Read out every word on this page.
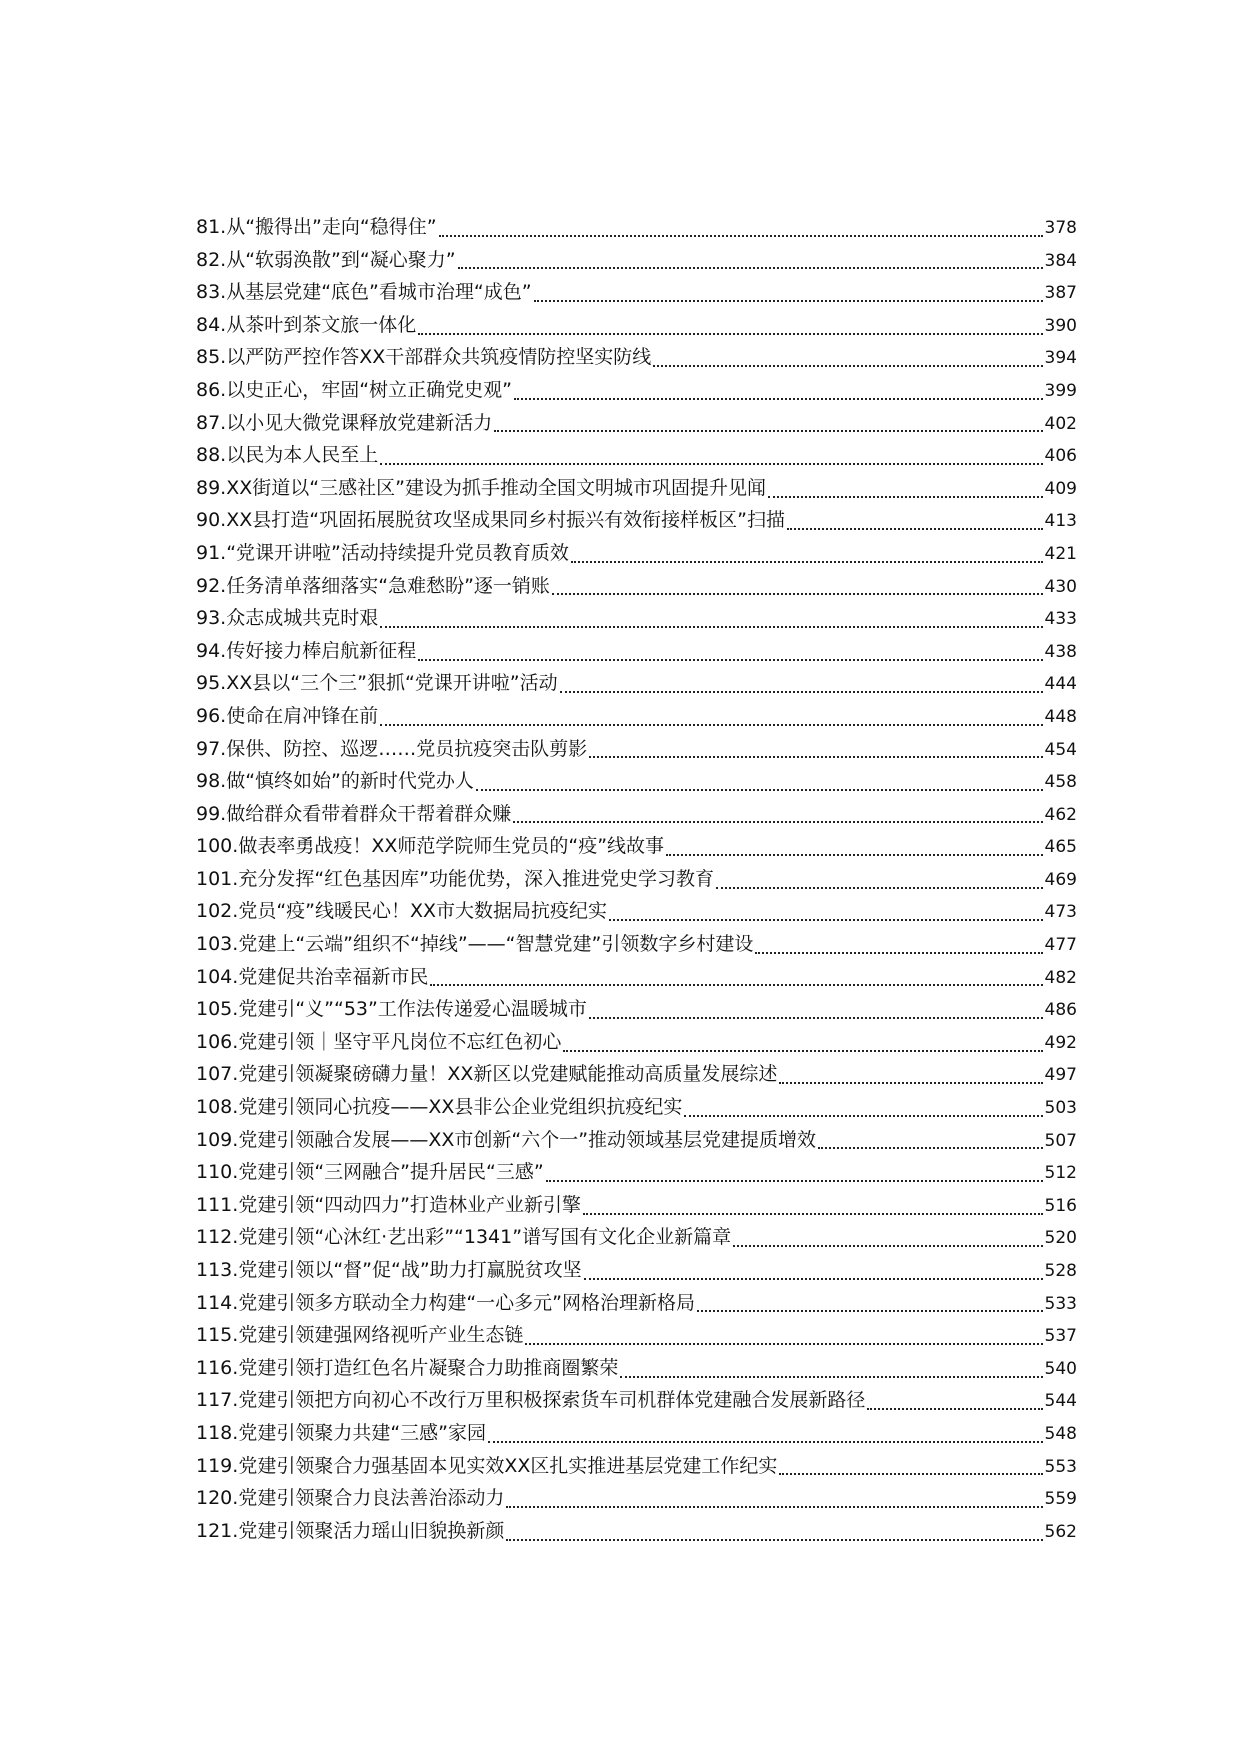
81. 从“搬得出”走向“稳得住”	378
82. 从“软弱涣散”到“凝心聚力”	384
83. 从基层党建“底色”看城市治理“成色”	387
84. 从茶叶到茶文旅一体化	390
85. 以严防严控作答XX干部群众共筑疫情防控坚实防线	394
86. 以史正心，牢固“树立正确党史观”	399
87. 以小见大微党课释放党建新活力	402
88. 以民为本人民至上	406
89. XX街道以“三感社区”建设为抓手推动全国文明城市巩固提升见闻	409
90. XX县打造“巩固拓展脱贫攻坚成果同乡村振兴有效衔接样板区”扫描	413
91. “党课开讲啦”活动持续提升党员教育质效	421
92. 任务清单落细落实“急难愁盼”逐一销账	430
93. 众志成城共克时艰	433
94. 传好接力棒启航新征程	438
95. XX县以“三个三”狠抓“党课开讲啦”活动	444
96. 使命在肩冲锋在前	448
97. 保供、防控、巡逻……党员抗疫突击队剪影	454
98. 做“慎终如始”的新时代党办人	458
99. 做给群众看带着群众干帮着群众赚	462
100. 做表率勇战疫！XX师范学院师生党员的“疫”线故事	465
101. 充分发挥“红色基因库”功能优势，深入推进党史学习教育	469
102. 党员“疫”线暖民心！XX市大数据局抗疫纪实	473
103. 党建上“云端”组织不“掉线”——“智慧党建”引领数字乡村建设	477
104. 党建促共治幸福新市民	482
105. 党建引“义”“53”工作法传递爱心温暖城市	486
106. 党建引领｜坚守平凡岗位不忘红色初心	492
107. 党建引领凝聚磅礴力量！XX新区以党建赋能推动高质量发展综述	497
108. 党建引领同心抗疫——XX县非公企业党组织抗疫纪实	503
109. 党建引领融合发展——XX市创新“六个一”推动领域基层党建提质增效	507
110. 党建引领“三网融合”提升居民“三感”	512
111. 党建引领“四动四力”打造林业产业新引擎	516
112. 党建引领“心沐红·艺出彩”“1341”谱写国有文化企业新篇章	520
113. 党建引领以“督”促“战”助力打赢脱贫攻坚	528
114. 党建引领多方联动全力构建“一心多元”网格治理新格局	533
115. 党建引领建强网络视听产业生态链	537
116. 党建引领打造红色名片凝聚合力助推商圈繁荣	540
117. 党建引领把方向初心不改行万里积极探索货车司机群体党建融合发展新路径	544
118. 党建引领聚力共建“三感”家园	548
119. 党建引领聚合力强基固本见实效XX区扎实推进基层党建工作纪实	553
120. 党建引领聚合力良法善治添动力	559
121. 党建引领聚活力瑶山旧貌换新颜	562
